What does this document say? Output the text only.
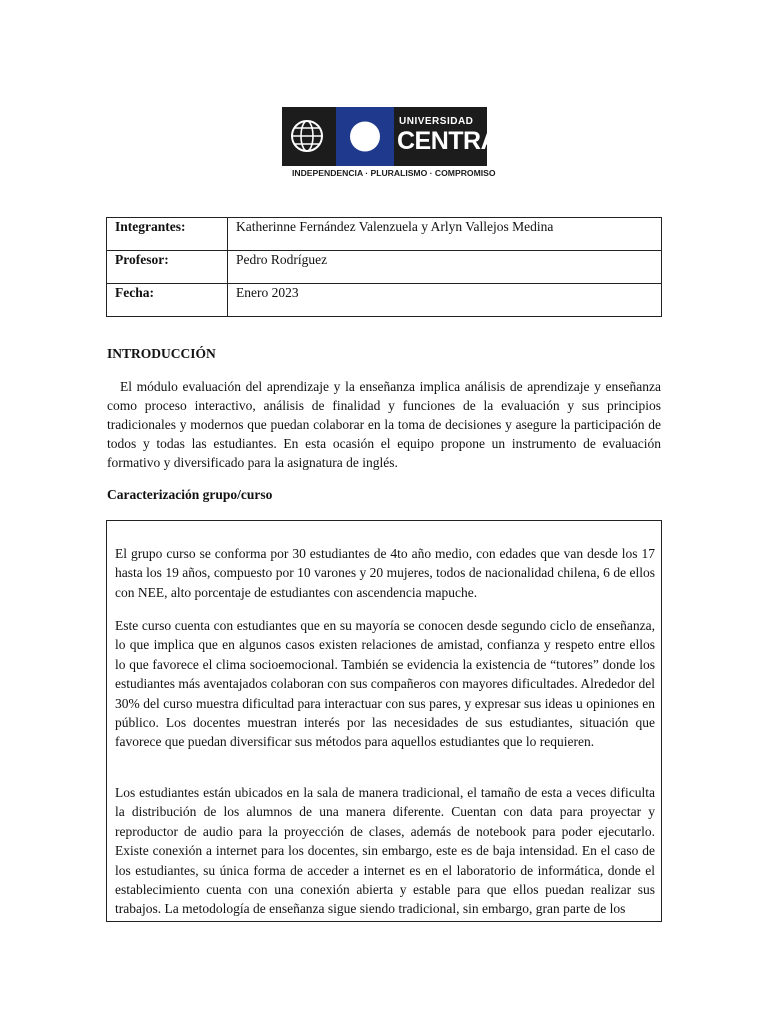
UNIVERSIDAD
CENTRAL
INDEPENDENCIA · PLURALISMO · COMPROMISO
Integrantes:	Katherinne Fernández Valenzuela y Arlyn Vallejos Medina
Profesor:	Pedro Rodríguez
Fecha:	Enero 2023
INTRODUCCIÓN

El módulo evaluación del aprendizaje y la enseñanza implica análisis de aprendizaje y enseñanza como proceso interactivo, análisis de finalidad y funciones de la evaluación y sus principios tradicionales y modernos que puedan colaborar en la toma de decisiones y asegure la participación de todos y todas las estudiantes. En esta ocasión el equipo propone un instrumento de evaluación formativo y diversificado para la asignatura de inglés.

Caracterización grupo/curso

El grupo curso se conforma por 30 estudiantes de 4to año medio, con edades que van desde los 17 hasta los 19 años, compuesto por 10 varones y 20 mujeres, todos de nacionalidad chilena, 6 de ellos con NEE, alto porcentaje de estudiantes con ascendencia mapuche.

Este curso cuenta con estudiantes que en su mayoría se conocen desde segundo ciclo de enseñanza, lo que implica que en algunos casos existen relaciones de amistad, confianza y respeto entre ellos lo que favorece el clima socioemocional. También se evidencia la existencia de “tutores” donde los estudiantes más aventajados colaboran con sus compañeros con mayores dificultades. Alrededor del 30% del curso muestra dificultad para interactuar con sus pares, y expresar sus ideas u opiniones en público. Los docentes muestran interés por las necesidades de sus estudiantes, situación que favorece que puedan diversificar sus métodos para aquellos estudiantes que lo requieren.

Los estudiantes están ubicados en la sala de manera tradicional, el tamaño de esta a veces dificulta la distribución de los alumnos de una manera diferente. Cuentan con data para proyectar y reproductor de audio para la proyección de clases, además de notebook para poder ejecutarlo. Existe conexión a internet para los docentes, sin embargo, este es de baja intensidad. En el caso de los estudiantes, su única forma de acceder a internet es en el laboratorio de informática, donde el establecimiento cuenta con una conexión abierta y estable para que ellos puedan realizar sus trabajos. La metodología de enseñanza sigue siendo tradicional, sin embargo, gran parte de los
